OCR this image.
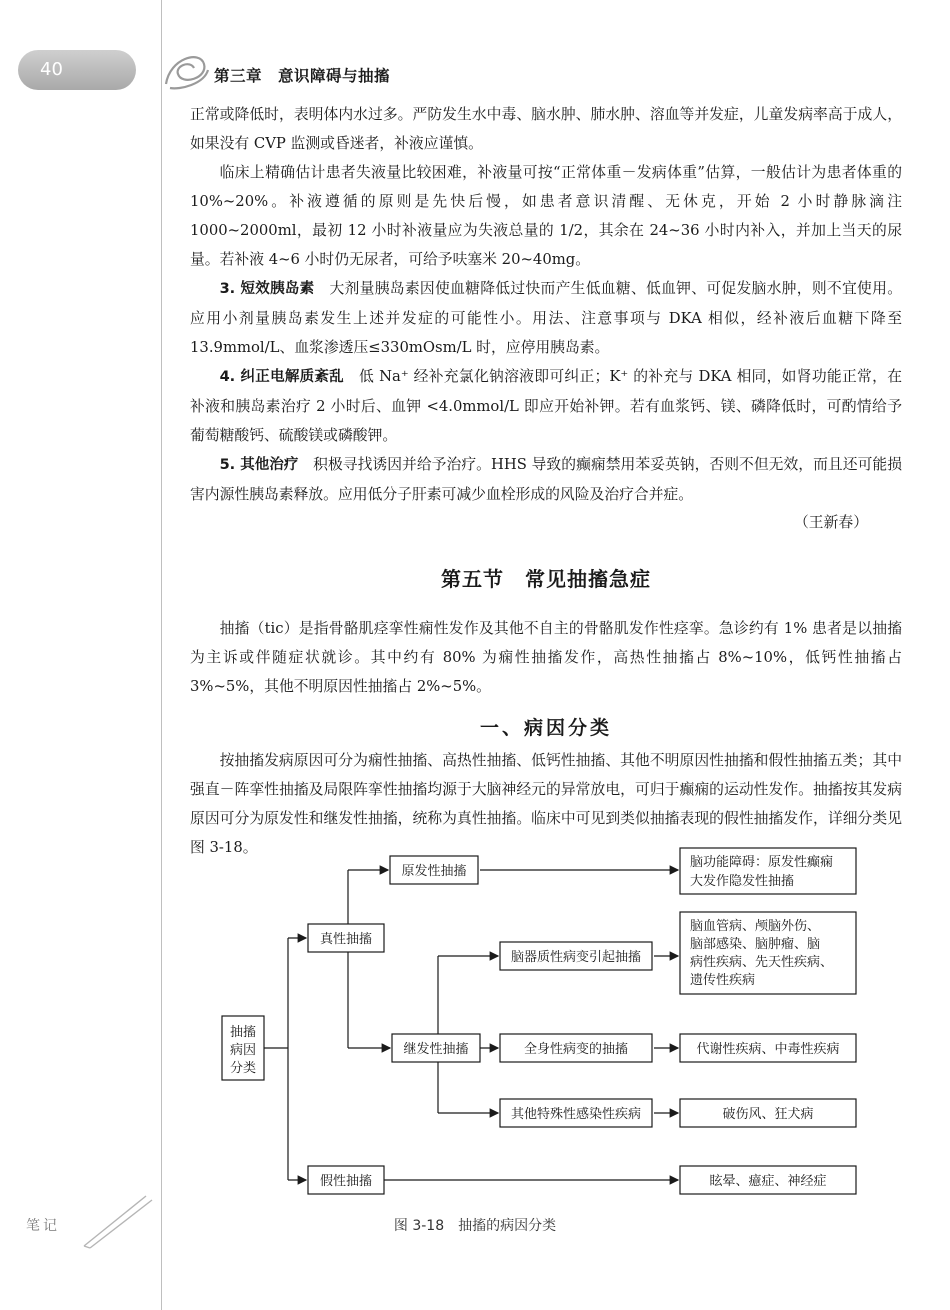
40	第三章　意识障碍与抽搐

正常或降低时，表明体内水过多。严防发生水中毒、脑水肿、肺水肿、溶血等并发症，儿童发病率高于成人，如果没有 CVP 监测或昏迷者，补液应谨慎。

临床上精确估计患者失液量比较困难，补液量可按“正常体重－发病体重”估算，一般估计为患者体重的 10%~20%。补液遵循的原则是先快后慢，如患者意识清醒、无休克，开始 2 小时静脉滴注 1000~2000ml，最初 12 小时补液量应为失液总量的 1/2，其余在 24~36 小时内补入，并加上当天的尿量。若补液 4~6 小时仍无尿者，可给予呋塞米 20~40mg。

3. 短效胰岛素　大剂量胰岛素因使血糖降低过快而产生低血糖、低血钾、可促发脑水肿，则不宜使用。应用小剂量胰岛素发生上述并发症的可能性小。用法、注意事项与 DKA 相似，经补液后血糖下降至 13.9mmol/L、血浆渗透压≤330mOsm/L 时，应停用胰岛素。

4. 纠正电解质紊乱　低 Na⁺ 经补充氯化钠溶液即可纠正；K⁺ 的补充与 DKA 相同，如肾功能正常，在补液和胰岛素治疗 2 小时后、血钾 <4.0mmol/L 即应开始补钾。若有血浆钙、镁、磷降低时，可酌情给予葡萄糖酸钙、硫酸镁或磷酸钾。

5. 其他治疗　积极寻找诱因并给予治疗。HHS 导致的癫痫禁用苯妥英钠，否则不但无效，而且还可能损害内源性胰岛素释放。应用低分子肝素可减少血栓形成的风险及治疗合并症。

（王新春）

第五节　常见抽搐急症

抽搐（tic）是指骨骼肌痉挛性痫性发作及其他不自主的骨骼肌发作性痉挛。急诊约有 1% 患者是以抽搐为主诉或伴随症状就诊。其中约有 80% 为痫性抽搐发作，高热性抽搐占 8%~10%，低钙性抽搐占 3%~5%，其他不明原因性抽搐占 2%~5%。

一、病因分类

按抽搐发病原因可分为痫性抽搐、高热性抽搐、低钙性抽搐、其他不明原因性抽搐和假性抽搐五类；其中强直－阵挛性抽搐及局限阵挛性抽搐均源于大脑神经元的异常放电，可归于癫痫的运动性发作。抽搐按其发病原因可分为原发性和继发性抽搐，统称为真性抽搐。临床中可见到类似抽搐表现的假性抽搐发作，详细分类见图 3-18。

抽搐
病因
分类
真性抽搐
假性抽搐
原发性抽搐
继发性抽搐
脑器质性病变引起抽搐
全身性病变的抽搐
其他特殊性感染性疾病
脑功能障碍：原发性癫痫
大发作隐发性抽搐
脑血管病、颅脑外伤、
脑部感染、脑肿瘤、脑
病性疾病、先天性疾病、
遗传性疾病
代谢性疾病、中毒性疾病
破伤风、狂犬病
眩晕、癔症、神经症
图 3-18　抽搐的病因分类
笔记
